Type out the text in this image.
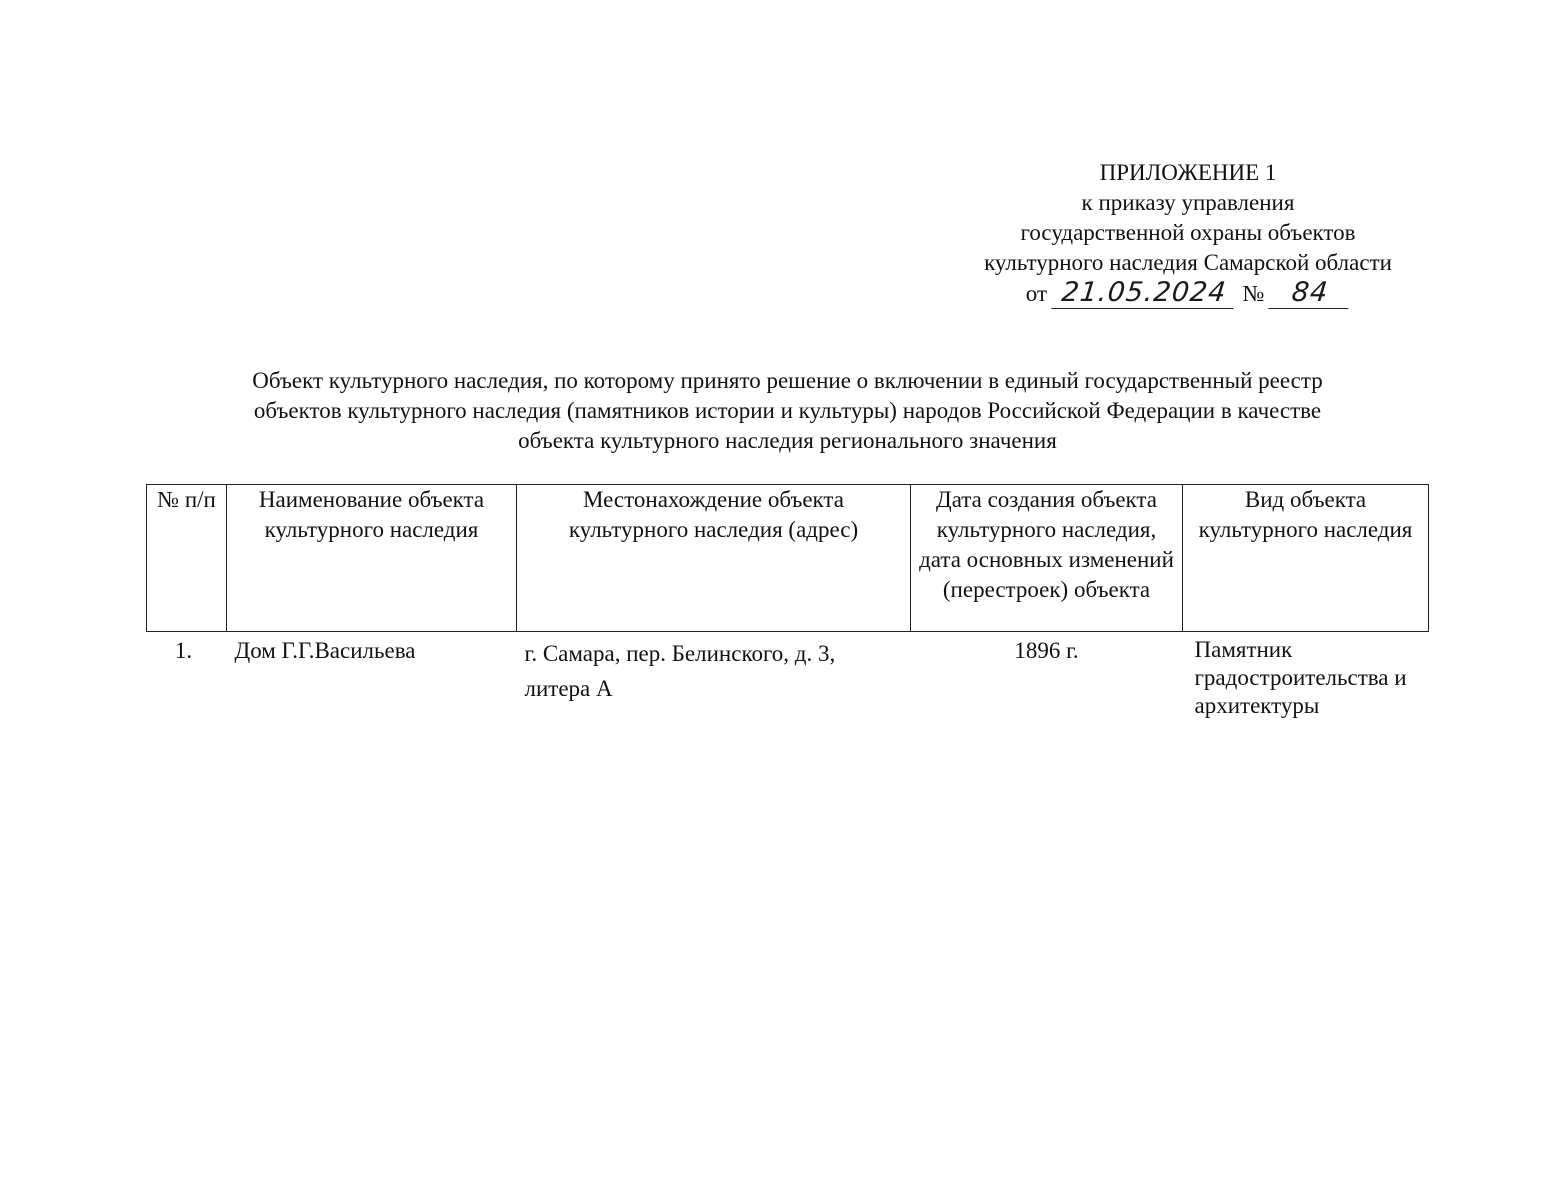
ПРИЛОЖЕНИЕ 1
к приказу управления
государственной охраны объектов
культурного наследия Самарской области
от 21.05.2024 № 84
Объект культурного наследия, по которому принято решение о включении в единый государственный реестр
объектов культурного наследия (памятников истории и культуры) народов Российской Федерации в качестве
объекта культурного наследия регионального значения
№ п/п	Наименование объекта культурного наследия	Местонахождение объекта культурного наследия (адрес)	Дата создания объекта культурного наследия, дата основных изменений (перестроек) объекта	Вид объекта культурного наследия
1.	Дом Г.Г.Васильева	г. Самара, пер. Белинского, д. 3, литера А	1896 г.	Памятник градостроительства и архитектуры
